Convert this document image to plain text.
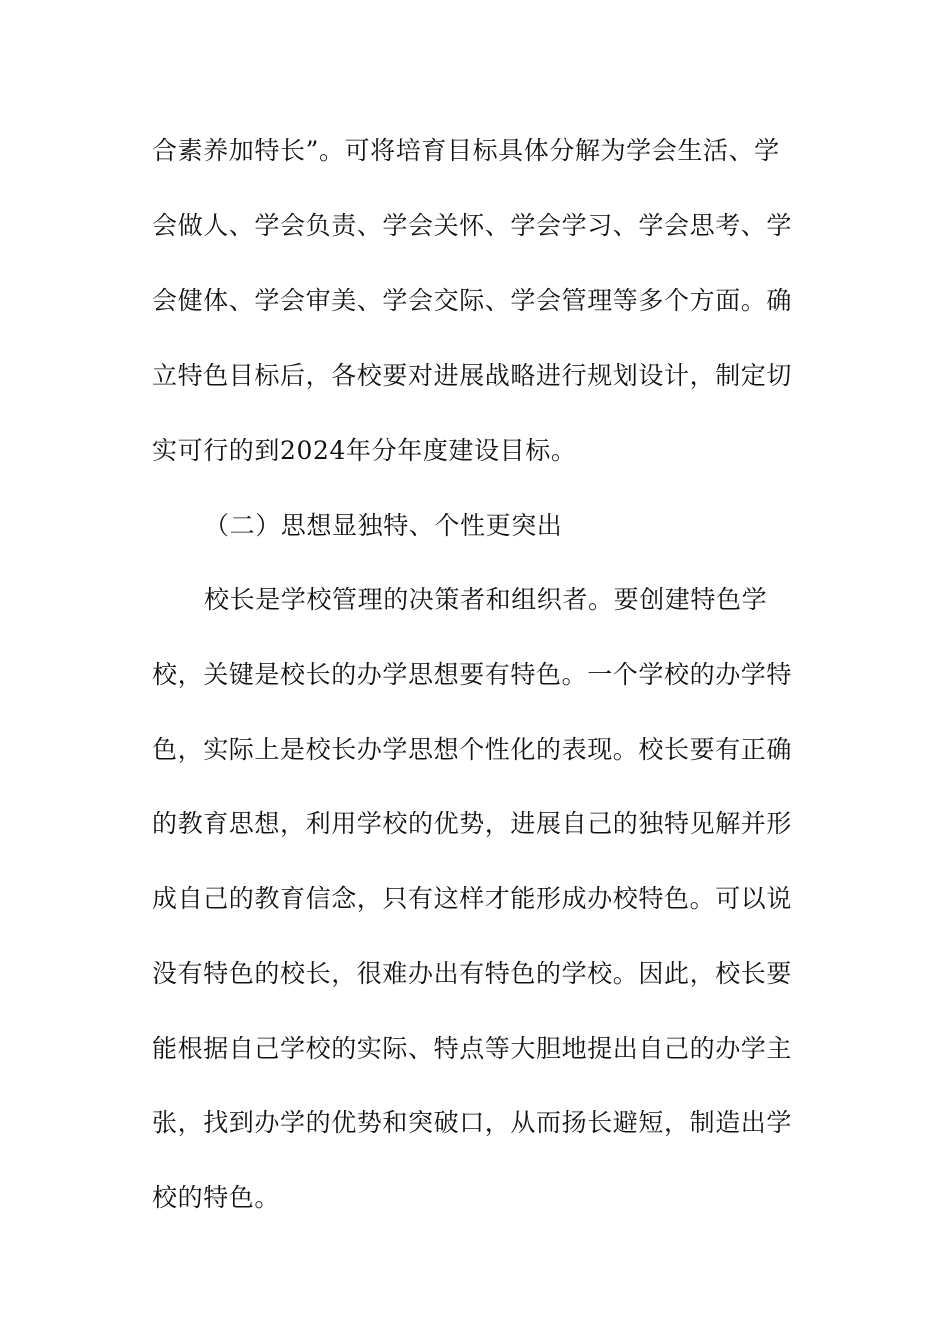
合素养加特长”。可将培育目标具体分解为学会生活、学
会做人、学会负责、学会关怀、学会学习、学会思考、学
会健体、学会审美、学会交际、学会管理等多个方面。确
立特色目标后，各校要对进展战略进行规划设计，制定切
实可行的到2024年分年度建设目标。
（二）思想显独特、个性更突出
校长是学校管理的决策者和组织者。要创建特色学
校，关键是校长的办学思想要有特色。一个学校的办学特
色，实际上是校长办学思想个性化的表现。校长要有正确
的教育思想，利用学校的优势，进展自己的独特见解并形
成自己的教育信念，只有这样才能形成办校特色。可以说
没有特色的校长，很难办出有特色的学校。因此，校长要
能根据自己学校的实际、特点等大胆地提出自己的办学主
张，找到办学的优势和突破口，从而扬长避短，制造出学
校的特色。
